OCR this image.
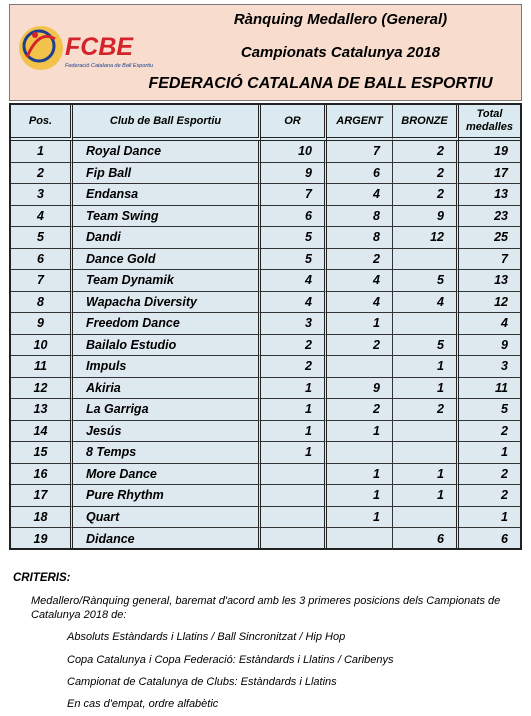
FCBE
Federació Catalana de Ball Esportiu
Rànquing Medallero (General)
Campionats Catalunya 2018
FEDERACIÓ CATALANA DE BALL ESPORTIU
Pos.	Club de Ball Esportiu	OR	ARGENT	BRONZE	Total medalles
1	Royal Dance	10	7	2	19
2	Fip Ball	9	6	2	17
3	Endansa	7	4	2	13
4	Team Swing	6	8	9	23
5	Dandi	5	8	12	25
6	Dance Gold	5	2		7
7	Team Dynamik	4	4	5	13
8	Wapacha Diversity	4	4	4	12
9	Freedom Dance	3	1		4
10	Bailalo Estudio	2	2	5	9
11	Impuls	2		1	3
12	Akiria	1	9	1	11
13	La Garriga	1	2	2	5
14	Jesús	1	1		2
15	8 Temps	1			1
16	More Dance		1	1	2
17	Pure Rhythm		1	1	2
18	Quart		1		1
19	Didance			6	6
CRITERIS:
Medallero/Rànquing general, baremat d'acord amb les 3 primeres posicions dels Campionats de Catalunya 2018 de:
Absoluts Estàndards i Llatins / Ball Sincronitzat / Hip Hop
Copa Catalunya i Copa Federació: Estàndards i Llatins / Caribenys
Campionat de Catalunya de Clubs: Estàndards i Llatins
En cas d'empat, ordre alfabètic
